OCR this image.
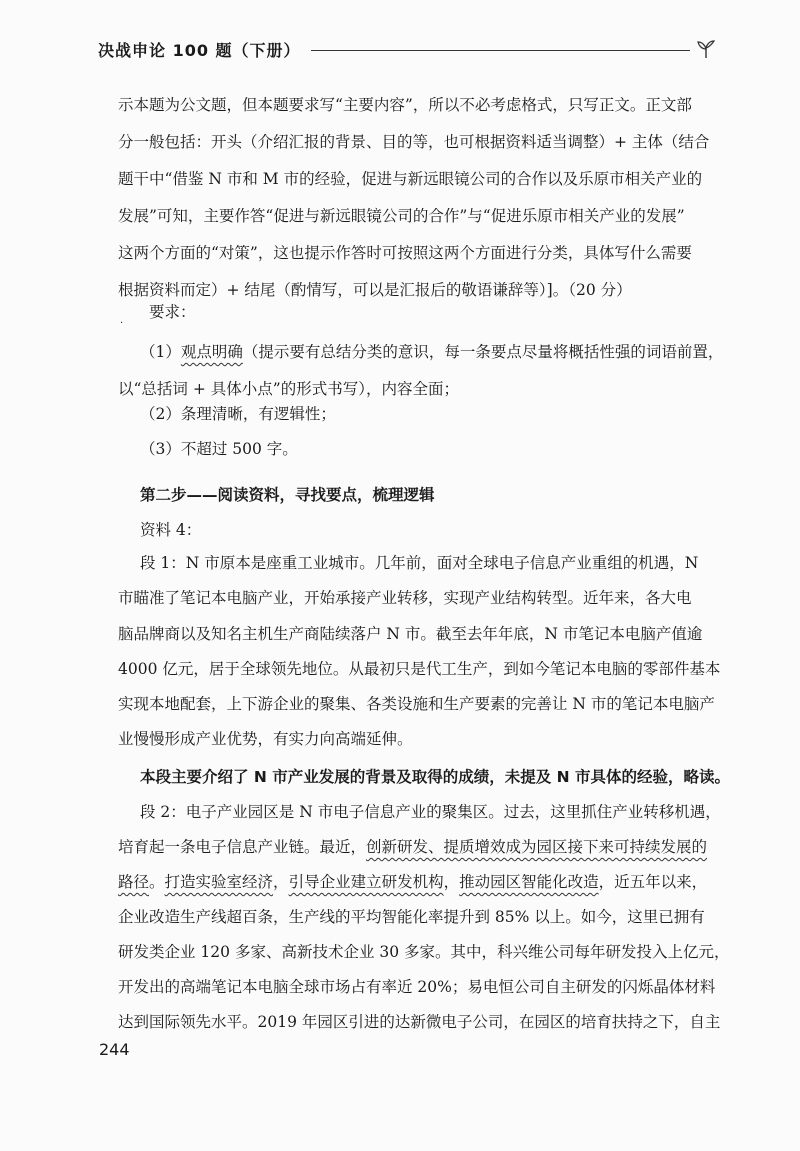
决战申论 100 题（下册）
示本题为公文题，但本题要求写“主要内容”，所以不必考虑格式，只写正文。正文部
分一般包括：开头（介绍汇报的背景、目的等，也可根据资料适当调整）+ 主体（结合
题干中“借鉴 N 市和 M 市的经验，促进与新远眼镜公司的合作以及乐原市相关产业的
发展”可知，主要作答“促进与新远眼镜公司的合作”与“促进乐原市相关产业的发展”
这两个方面的“对策”，这也提示作答时可按照这两个方面进行分类，具体写什么需要
根据资料而定）+ 结尾（酌情写，可以是汇报后的敬语谦辞等）]。（20 分）
·
要求：
（1）观点明确（提示要有总结分类的意识，每一条要点尽量将概括性强的词语前置，
以“总括词 + 具体小点”的形式书写），内容全面；
（2）条理清晰，有逻辑性；
（3）不超过 500 字。
第二步——阅读资料，寻找要点，梳理逻辑
资料 4：
段 1：N 市原本是座重工业城市。几年前，面对全球电子信息产业重组的机遇，N
市瞄准了笔记本电脑产业，开始承接产业转移，实现产业结构转型。近年来，各大电
脑品牌商以及知名主机生产商陆续落户 N 市。截至去年年底，N 市笔记本电脑产值逾
4000 亿元，居于全球领先地位。从最初只是代工生产，到如今笔记本电脑的零部件基本
实现本地配套，上下游企业的聚集、各类设施和生产要素的完善让 N 市的笔记本电脑产
业慢慢形成产业优势，有实力向高端延伸。
本段主要介绍了 N 市产业发展的背景及取得的成绩，未提及 N 市具体的经验，略读。
段 2：电子产业园区是 N 市电子信息产业的聚集区。过去，这里抓住产业转移机遇，
培育起一条电子信息产业链。最近，创新研发、提质增效成为园区接下来可持续发展的
路径。打造实验室经济，引导企业建立研发机构，推动园区智能化改造，近五年以来，
企业改造生产线超百条，生产线的平均智能化率提升到 85% 以上。如今，这里已拥有
研发类企业 120 多家、高新技术企业 30 多家。其中，科兴维公司每年研发投入上亿元，
开发出的高端笔记本电脑全球市场占有率近 20%；易电恒公司自主研发的闪烁晶体材料
达到国际领先水平。2019 年园区引进的达新微电子公司，在园区的培育扶持之下，自主
244
